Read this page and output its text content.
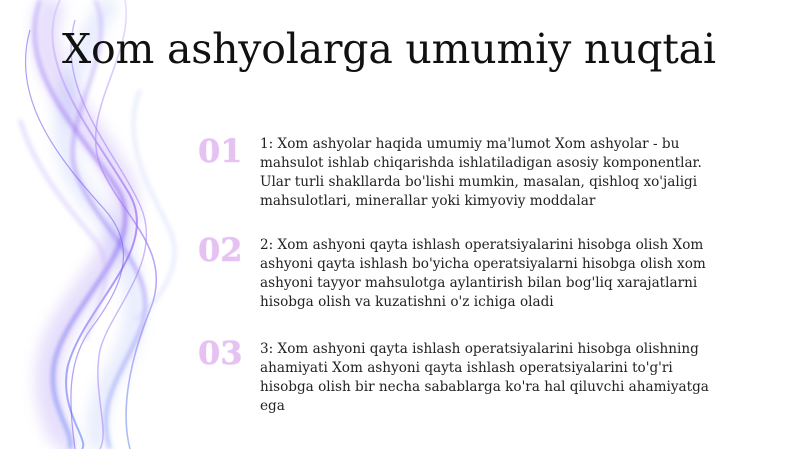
Xom ashyolarga umumiy nuqtai
01	1: Xom ashyolar haqida umumiy ma'lumot Xom ashyolar - bu mahsulot ishlab chiqarishda ishlatiladigan asosiy komponentlar. Ular turli shakllarda bo'lishi mumkin, masalan, qishloq xo'jaligi mahsulotlari, minerallar yoki kimyoviy moddalar
02	2: Xom ashyoni qayta ishlash operatsiyalarini hisobga olish Xom ashyoni qayta ishlash bo'yicha operatsiyalarni hisobga olish xom ashyoni tayyor mahsulotga aylantirish bilan bog'liq xarajatlarni hisobga olish va kuzatishni o'z ichiga oladi
03	3: Xom ashyoni qayta ishlash operatsiyalarini hisobga olishning ahamiyati Xom ashyoni qayta ishlash operatsiyalarini to'g'ri hisobga olish bir necha sabablarga ko'ra hal qiluvchi ahamiyatga ega
